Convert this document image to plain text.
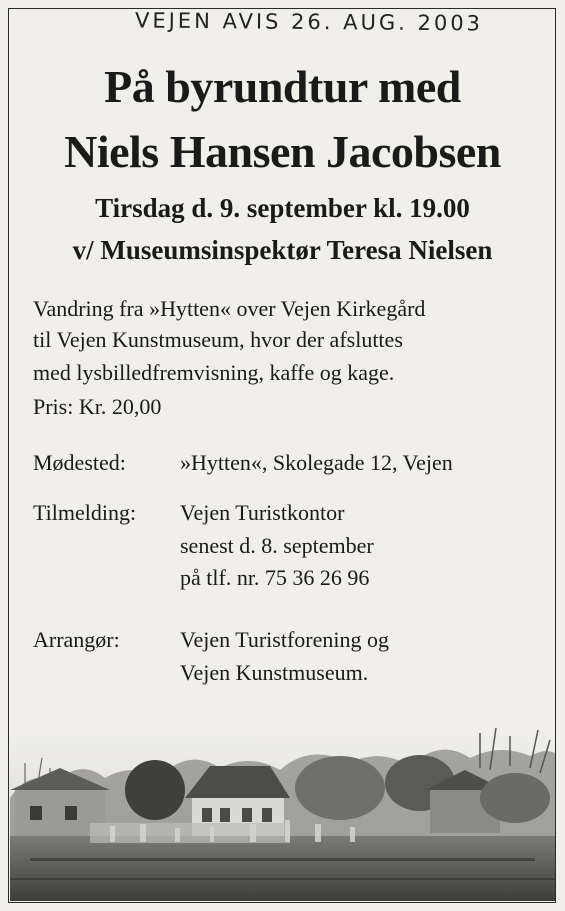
VEJEN AVIS 26. AUG. 2003
På byrundtur med
Niels Hansen Jacobsen
Tirsdag d. 9. september kl. 19.00
v/ Museumsinspektør Teresa Nielsen
Vandring fra »Hytten« over Vejen Kirkegård
til Vejen Kunstmuseum, hvor der afsluttes
med lysbilledfremvisning, kaffe og kage.
Pris: Kr. 20,00
Mødested: »Hytten«, Skolegade 12, Vejen
Tilmelding: Vejen Turistkontor
senest d. 8. september
på tlf. nr. 75 36 26 96
Arrangør:	Vejen Turistforening og
Vejen Kunstmuseum.
